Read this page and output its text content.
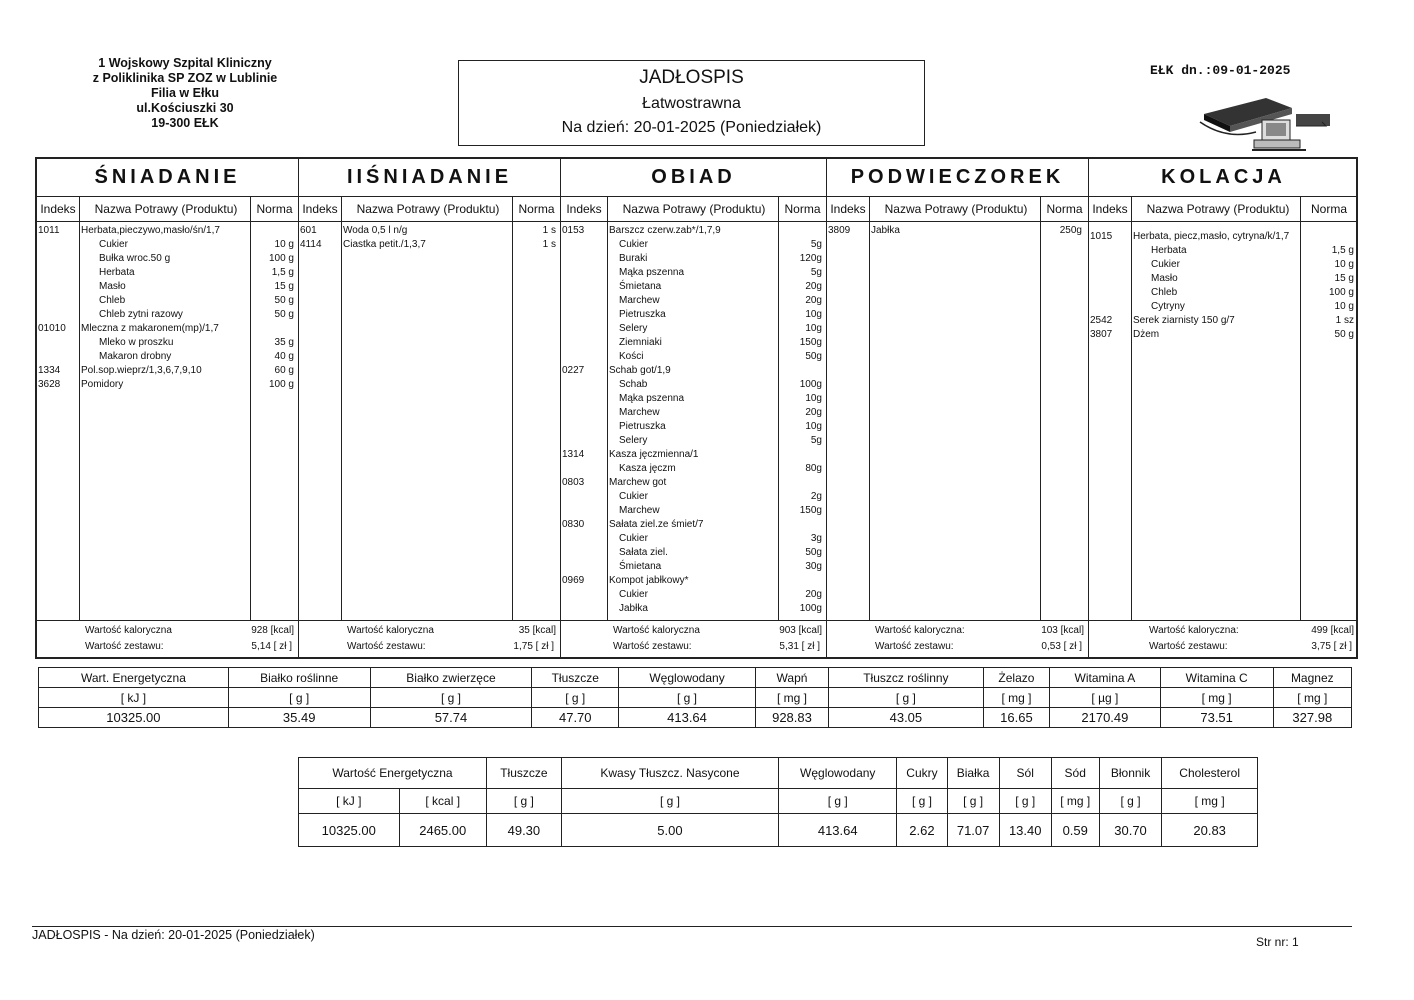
1 Wojskowy Szpital Kliniczny
z Poliklinika SP ZOZ w Lublinie
Filia w Ełku
ul.Kościuszki 30
19-300 EŁK
JADŁOSPIS
Łatwostrawna
Na dzień: 20-01-2025 (Poniedziałek)
EŁK dn.:09-01-2025
ŚNIADANIE
Indeks	Nazwa Potrawy (Produktu)	Norma
1011 Herbata,pieczywo,masło/śn/1,7
Cukier	10 g
Bułka wroc.50 g	100 g
Herbata	1,5 g
Masło	15 g
Chleb	50 g
Chleb zytni razowy	50 g
01010 Mleczna z makaronem(mp)/1,7
Mleko w proszku	35 g
Makaron drobny	40 g
1334 Pol.sop.wieprz/1,3,6,7,9,10	60 g
3628 Pomidory	100 g
Wartość kaloryczna	928 [kcal]
Wartość zestawu:	5,14 [ zł ]
IIŚNIADANIE
Indeks	Nazwa Potrawy (Produktu)	Norma
601	Woda 0,5 l n/g	1 s
4114 Ciastka petit./1,3,7	1 s
Wartość kaloryczna	35 [kcal]
Wartość zestawu:	1,75 [ zł ]
OBIAD
Indeks	Nazwa Potrawy (Produktu)	Norma
0153 Barszcz czerw.zab*/1,7,9
Cukier	5g
Buraki	120g
Mąka pszenna	5g
Śmietana	20g
Marchew	20g
Pietruszka	10g
Selery	10g
Ziemniaki	150g
Kości	50g
0227 Schab got/1,9
Schab	100g
Mąka pszenna	10g
Marchew	20g
Pietruszka	10g
Selery	5g
1314 Kasza jęczmienna/1
Kasza jęczm	80g
0803 Marchew got
Cukier	2g
Marchew	150g
0830 Sałata ziel.ze śmiet/7
Cukier	3g
Sałata ziel.	50g
Śmietana	30g
0969 Kompot jabłkowy*
Cukier	20g
Jabłka	100g
Wartość kaloryczna	903 [kcal]
Wartość zestawu:	5,31 [ zł ]
PODWIECZOREK
Indeks	Nazwa Potrawy (Produktu)	Norma
3809 Jabłka	250g
Wartość kaloryczna:	103 [kcal]
Wartość zestawu:	0,53 [ zł ]
KOLACJA
Indeks	Nazwa Potrawy (Produktu)	Norma
1015 Herbata, piecz,masło, cytryna/k/1,7
Herbata	1,5 g
Cukier	10 g
Masło	15 g
Chleb	100 g
Cytryny	10 g
2542 Serek ziarnisty 150 g/7	1 sz
3807 Dżem	50 g
Wartość kaloryczna:	499 [kcal]
Wartość zestawu:	3,75 [ zł ]
Wart. Energetyczna	Białko roślinne	Białko zwierzęce	Tłuszcze	Węglowodany	Wapń	Tłuszcz roślinny	Żelazo	Witamina A	Witamina C	Magnez
[ kJ ]	[ g ]	[ g ]	[ g ]	[ g ]	[ mg ]	[ g ]	[ mg ]	[ µg ]	[ mg ]	[ mg ]
10325.00	35.49	57.74	47.70	413.64	928.83	43.05	16.65	2170.49	73.51	327.98
Wartość Energetyczna		Tłuszcze	Kwasy Tłuszcz. Nasycone	Węglowodany	Cukry	Białka	Sól	Sód	Błonnik	Cholesterol
[ kJ ]	[ kcal ]	[ g ]	[ g ]	[ g ]	[ g ]	[ g ]	[ g ]	[ mg ]	[ g ]	[ mg ]
10325.00	2465.00	49.30	5.00	413.64	2.62	71.07	13.40	0.59	30.70	20.83
JADŁOSPIS - Na dzień: 20-01-2025 (Poniedziałek)	Str nr: 1
